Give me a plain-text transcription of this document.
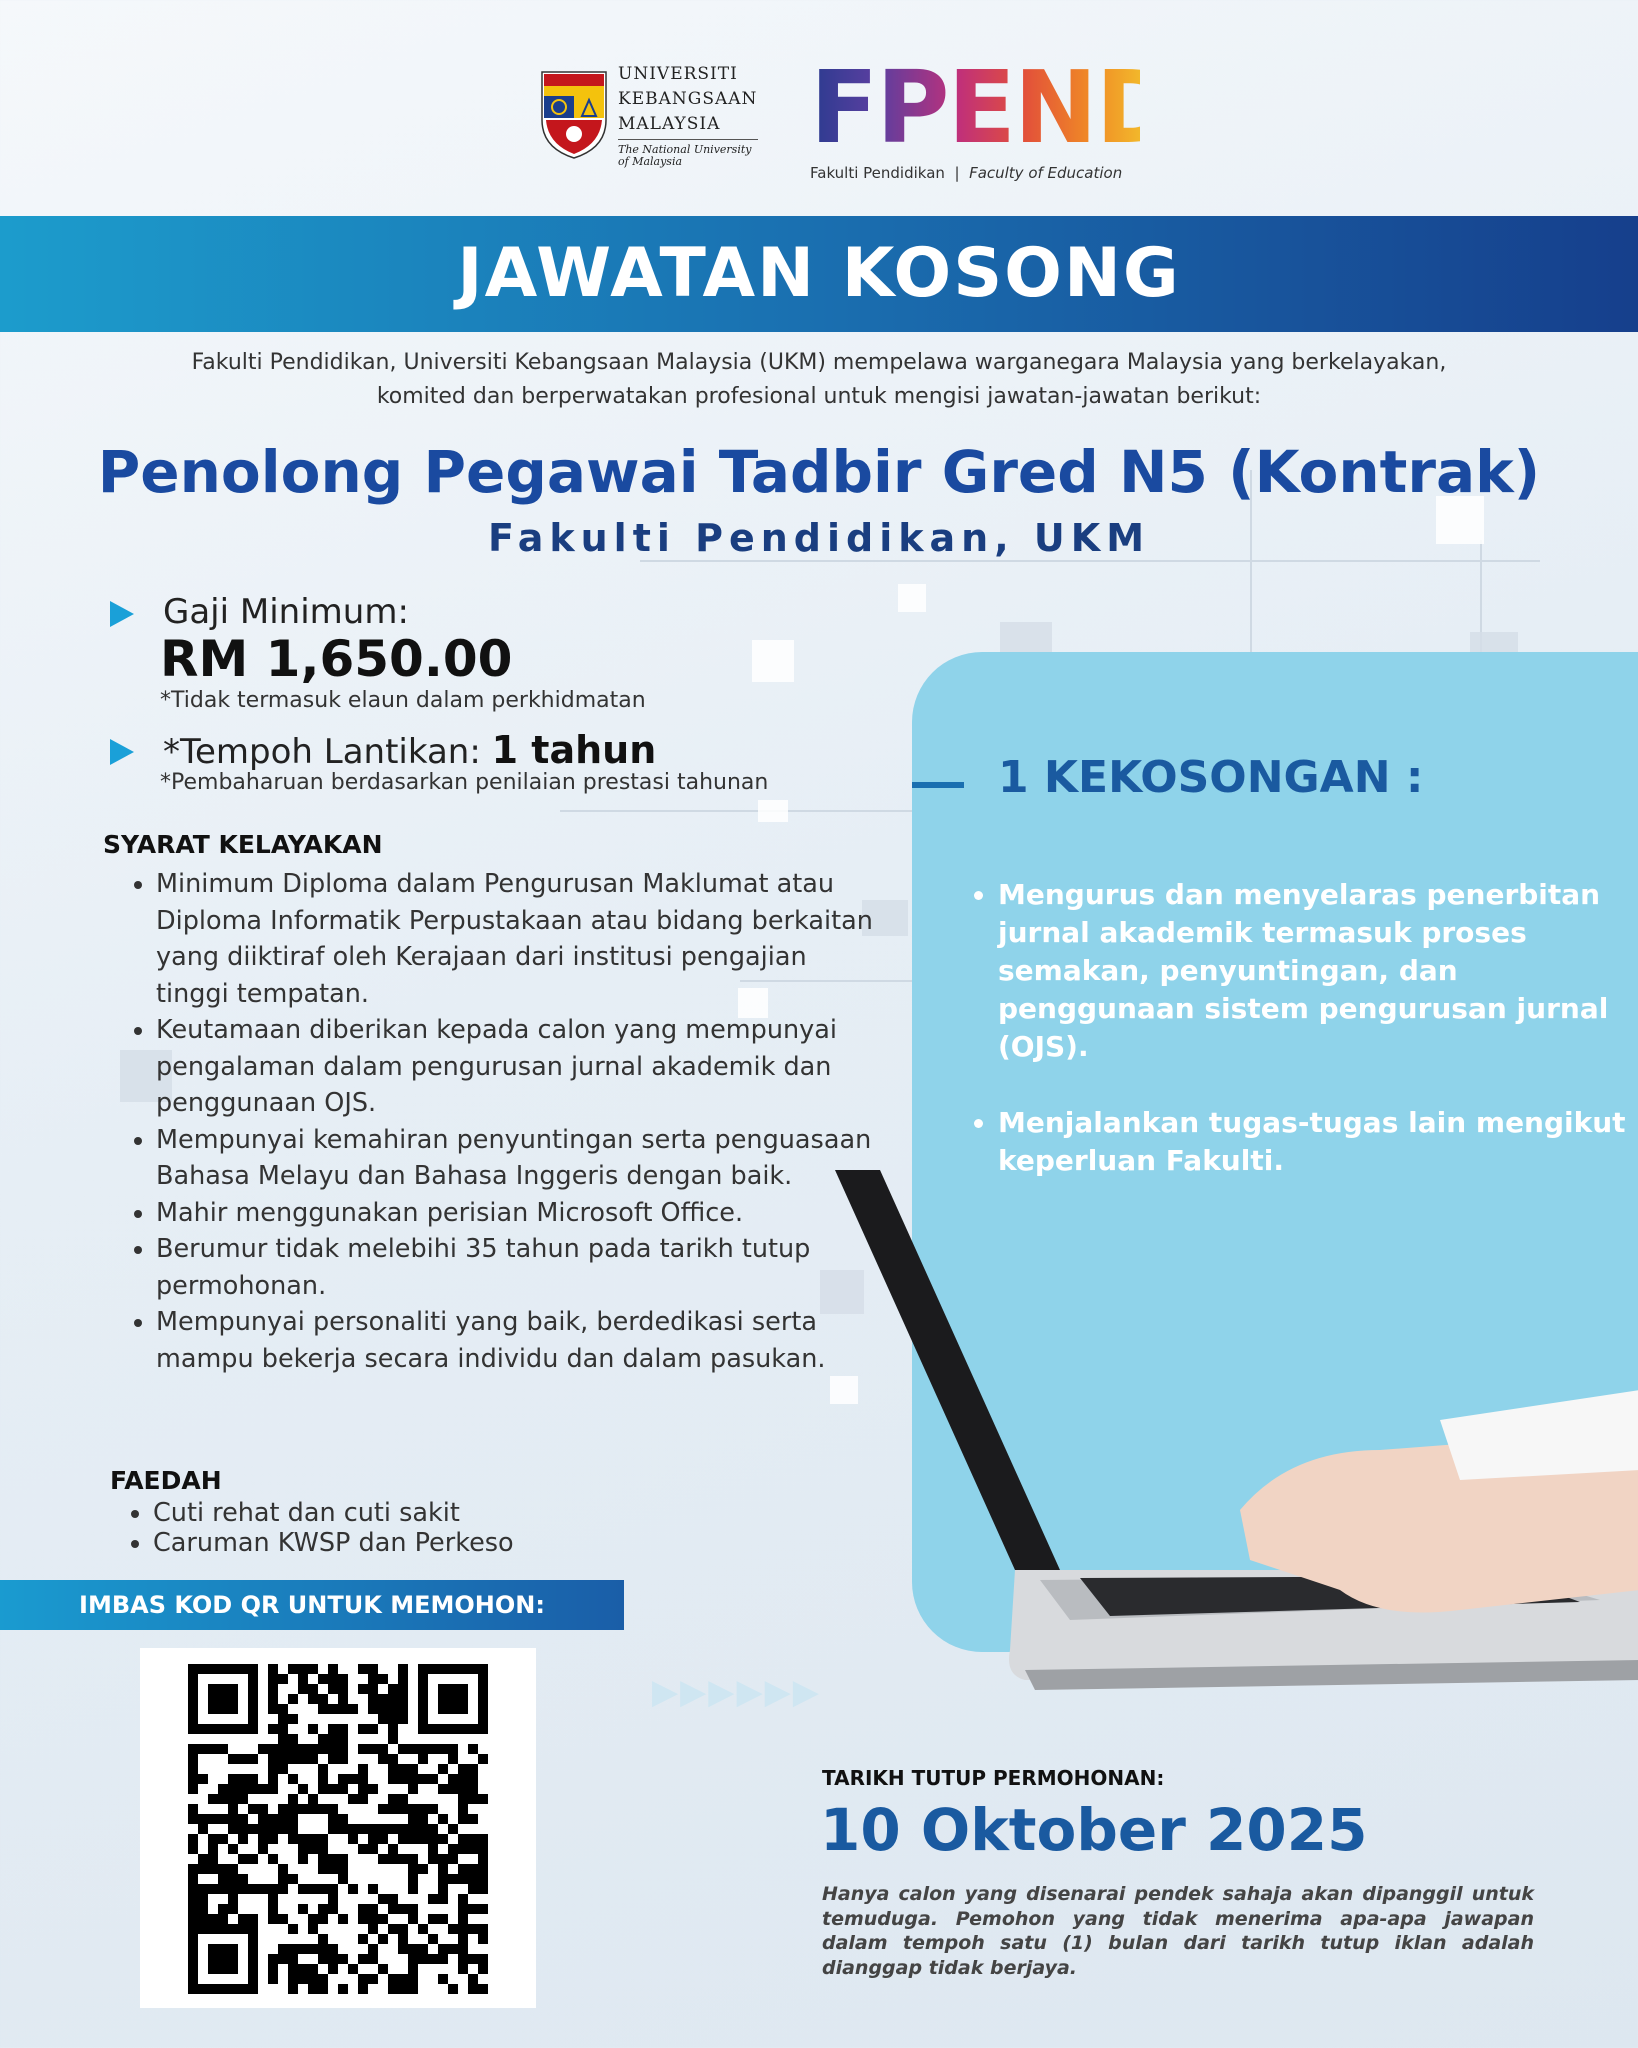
UNIVERSITI
KEBANGSAAN
MALAYSIA
The National University of Malaysia	FPEND
Fakulti Pendidikan | Faculty of Education
JAWATAN KOSONG
Fakulti Pendidikan, Universiti Kebangsaan Malaysia (UKM) mempelawa warganegara Malaysia yang berkelayakan,
komited dan berperwatakan profesional untuk mengisi jawatan-jawatan berikut:
Penolong Pegawai Tadbir Gred N5 (Kontrak)
Fakulti Pendidikan, UKM
Gaji Minimum:
RM 1,650.00
*Tidak termasuk elaun dalam perkhidmatan
*Tempoh Lantikan: 1 tahun
*Pembaharuan berdasarkan penilaian prestasi tahunan
SYARAT KELAYAKAN
• Minimum Diploma dalam Pengurusan Maklumat atau Diploma Informatik Perpustakaan atau bidang berkaitan yang diiktiraf oleh Kerajaan dari institusi pengajian tinggi tempatan.
• Keutamaan diberikan kepada calon yang mempunyai pengalaman dalam pengurusan jurnal akademik dan penggunaan OJS.
• Mempunyai kemahiran penyuntingan serta penguasaan Bahasa Melayu dan Bahasa Inggeris dengan baik.
• Mahir menggunakan perisian Microsoft Office.
• Berumur tidak melebihi 35 tahun pada tarikh tutup permohonan.
• Mempunyai personaliti yang baik, berdedikasi serta mampu bekerja secara individu dan dalam pasukan.
FAEDAH
• Cuti rehat dan cuti sakit
• Caruman KWSP dan Perkeso
IMBAS KOD QR UNTUK MEMOHON:
1 KEKOSONGAN :
• Mengurus dan menyelaras penerbitan jurnal akademik termasuk proses semakan, penyuntingan, dan penggunaan sistem pengurusan jurnal (OJS).
• Menjalankan tugas-tugas lain mengikut keperluan Fakulti.
▶▶▶▶▶▶
TARIKH TUTUP PERMOHONAN:
10 Oktober 2025
Hanya calon yang disenarai pendek sahaja akan dipanggil untuk temuduga. Pemohon yang tidak menerima apa-apa jawapan dalam tempoh satu (1) bulan dari tarikh tutup iklan adalah dianggap tidak berjaya.
